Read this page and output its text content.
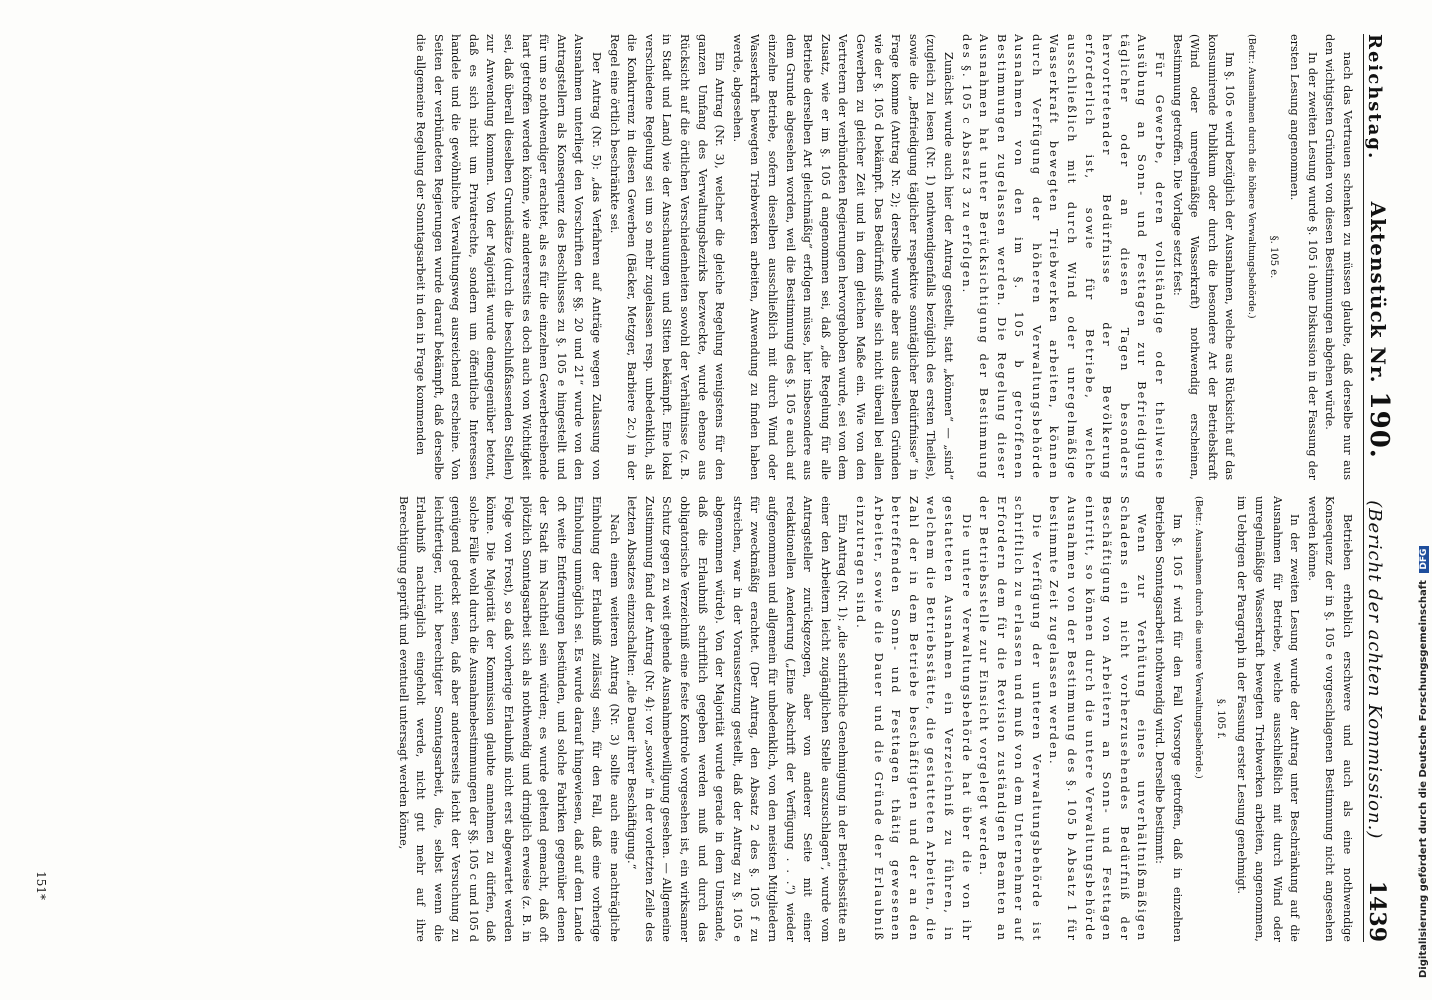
Reichstag.
Aktenstück Nr. 190.
(Bericht der achten Kommission.)
1439

nach das Vertrauen schenken zu müssen glaubte, daß derselbe nur aus den wichtigsten Gründen von diesen Bestimmungen abgehen würde.

In der zweiten Lesung wurde §. 105 i ohne Diskussion in der Fassung der ersten Lesung angenommen.

§. 105 e.

(Betr.: Ausnahmen durch die höhere Verwaltungsbehörde.)

Im §. 105 e wird bezüglich der Ausnahmen, welche aus Rücksicht auf das konsumirende Publikum oder durch die besondere Art der Betriebskraft (Wind oder unregelmäßige Wasserkraft) nothwendig erscheinen, Bestimmung getroffen. Die Vorlage setzt fest:

Für Gewerbe, deren vollständige oder theilweise Ausübung an Sonn- und Festtagen zur Befriedigung täglicher oder an diesen Tagen besonders hervortretender Bedürfnisse der Bevölkerung erforderlich ist, sowie für Betriebe, welche ausschließlich mit durch Wind oder unregelmäßige Wasserkraft bewegten Triebwerken arbeiten, können durch Verfügung der höheren Verwaltungsbehörde Ausnahmen von den im §. 105 b getroffenen Bestimmungen zugelassen werden. Die Regelung dieser Ausnahmen hat unter Berücksichtigung der Bestimmung des §. 105 c Absatz 3 zu erfolgen.

Zunächst wurde auch hier der Antrag gestellt, statt „können“ — „sind“ (zugleich zu lesen (Nr. 1) nothwendigenfalls bezüglich des ersten Theiles), sowie die „Befriedigung täglicher respektive sonntäglicher Bedürfnisse“ in Frage komme (Antrag Nr. 2); derselbe wurde aber aus denselben Gründen wie der §. 105 d bekämpft. Das Bedürfniß stelle sich nicht überall bei allen Gewerben zu gleicher Zeit und in dem gleichen Maße ein. Wie von den Vertretern der verbündeten Regierungen hervorgehoben wurde, sei von dem Zusatz, wie er im §. 105 d angenommen sei, daß „die Regelung für alle Betriebe derselben Art gleichmäßig“ erfolgen müsse, hier insbesondere aus dem Grunde abgesehen worden, weil die Bestimmung des §. 105 e auch auf einzelne Betriebe, sofern dieselben ausschließlich mit durch Wind oder Wasserkraft bewegten Triebwerken arbeiten, Anwendung zu finden haben werde, abgesehen.

Ein Antrag (Nr. 3), welcher die gleiche Regelung wenigstens für den ganzen Umfang des Verwaltungsbezirks bezweckte, wurde ebenso aus Rücksicht auf die örtlichen Verschiedenheiten sowohl der Verhältnisse (z. B. in Stadt und Land) wie der Anschauungen und Sitten bekämpft. Eine lokal verschiedene Regelung sei um so mehr zugelassen resp. unbedenklich, als die Konkurrenz in diesen Gewerben (Bäcker, Metzger, Barbiere 2c.) in der Regel eine örtlich beschränkte sei.

Der Antrag (Nr. 5): „das Verfahren auf Anträge wegen Zulassung von Ausnahmen unterliegt den Vorschriften der §§. 20 und 21“ wurde von den Antragstellern als Konsequenz des Beschlusses zu §. 105 e hingestellt und für um so nothwendiger erachtet, als es für die einzelnen Gewerbetreibende hart getroffen werden könne, wie andererseits es doch auch von Wichtigkeit sei, daß überall dieselben Grundsätze (durch die beschlußfassenden Stellen) zur Anwendung kommen. Von der Majorität wurde demgegenüber betont, daß es sich nicht um Privatrechte, sondern um öffentliche Interessen handele und die gewöhnliche Verwaltungsweg ausreichend erscheine. Von Seiten der verbündeten Regierungen wurde darauf bekämpft, daß derselbe die allgemeine Regelung der Sonntagsarbeit in den in Frage kommenden

Betrieben erheblich erschwere und auch als eine nothwendige Konsequenz der in §. 105 e vorgeschlagenen Bestimmung nicht angesehen werden könne.

In der zweiten Lesung wurde der Antrag unter Beschränkung auf die Ausnahmen für Betriebe, welche ausschließlich mit durch Wind oder unregelmäßige Wasserkraft bewegten Triebwerken arbeiten, angenommen, im Uebrigen der Paragraph in der Fassung erster Lesung genehmigt.

§. 105 f.

(Betr.: Ausnahmen durch die untere Verwaltungsbehörde.)

Im §. 105 f wird für den Fall Vorsorge getroffen, daß in einzelnen Betrieben Sonntagsarbeit nothwendig wird. Derselbe bestimmt:

Wenn zur Verhütung eines unverhältnißmäßigen Schadens ein nicht vorherzusehendes Bedürfniß der Beschäftigung von Arbeitern an Sonn- und Festtagen eintritt, so können durch die untere Verwaltungsbehörde Ausnahmen von der Bestimmung des §. 105 b Absatz 1 für bestimmte Zeit zugelassen werden.

Die Verfügung der unteren Verwaltungsbehörde ist schriftlich zu erlassen und muß von dem Unternehmer auf Erfordern dem für die Revision zuständigen Beamten an der Betriebsstelle zur Einsicht vorgelegt werden.

Die untere Verwaltungsbehörde hat über die von ihr gestatteten Ausnahmen ein Verzeichniß zu führen, in welchem die Betriebsstätte, die gestatteten Arbeiten, die Zahl der in dem Betriebe beschäftigten und der an den betreffenden Sonn- und Festtagen thätig gewesenen Arbeiter, sowie die Dauer und die Gründe der Erlaubniß einzutragen sind.

Ein Antrag (Nr. 1): „die schriftliche Genehmigung in der Betriebsstätte an einer den Arbeitern leicht zugänglichen Stelle auszuschlagen“, wurde vom Antragsteller zurückgezogen, aber von anderer Seite mit einer redaktionellen Aenderung („Eine Abschrift der Verfügung . . .“) wieder aufgenommen und allgemein für unbedenklich, von den meisten Mitgliedern für zweckmäßig erachtet. (Der Antrag, den Absatz 2 des §. 105 f zu streichen, war in der Voraussetzung gestellt, daß der Antrag zu §. 105 e abgenommen würde). Von der Majorität wurde gerade in dem Umstande, daß die Erlaubniß schriftlich gegeben werden muß und durch das obligatorische Verzeichniß eine feste Kontrole vorgesehen ist, ein wirksamer Schutz gegen zu weit gehende Ausnahmebewilligung gesehen. — Allgemeine Zustimmung fand der Antrag (Nr. 4): vor „sowie“ in der vorletzten Zeile des letzten Absatzes einzuschalten: „die Dauer ihrer Beschäftigung.“

Nach einem weiteren Antrag (Nr. 3) sollte auch eine nachträgliche Einholung der Erlaubniß zulässig sein, für den Fall, daß eine vorherige Einholung unmöglich sei. Es wurde darauf hingewiesen, daß auf dem Lande oft weite Entfernungen bestünden, und solche Fabriken gegenüber denen der Stadt im Nachtheil sein würden; es wurde geltend gemacht, daß oft plötzlich Sonntagsarbeit sich als nothwendig und dringlich erweise (z. B. in Folge von Frost), so daß vorherige Erlaubniß nicht erst abgewartet werden könne. Die Majorität der Kommission glaubte annehmen zu dürfen, daß solche Fälle wohl durch die Ausnahmebestimmungen der §§. 105 c und 105 d genügend gedeckt seien, daß aber andererseits leicht der Versuchung zu leichtfertiger, nicht berechtigter Sonntagsarbeit, die, selbst wenn die Erlaubniß nachträglich eingeholt werde, nicht gut mehr auf ihre Berechtigung geprüft und eventuell untersagt werden könne,

151*	Digitalisierung gefördert durch die Deutsche Forschungsgemeinschaft DFG
